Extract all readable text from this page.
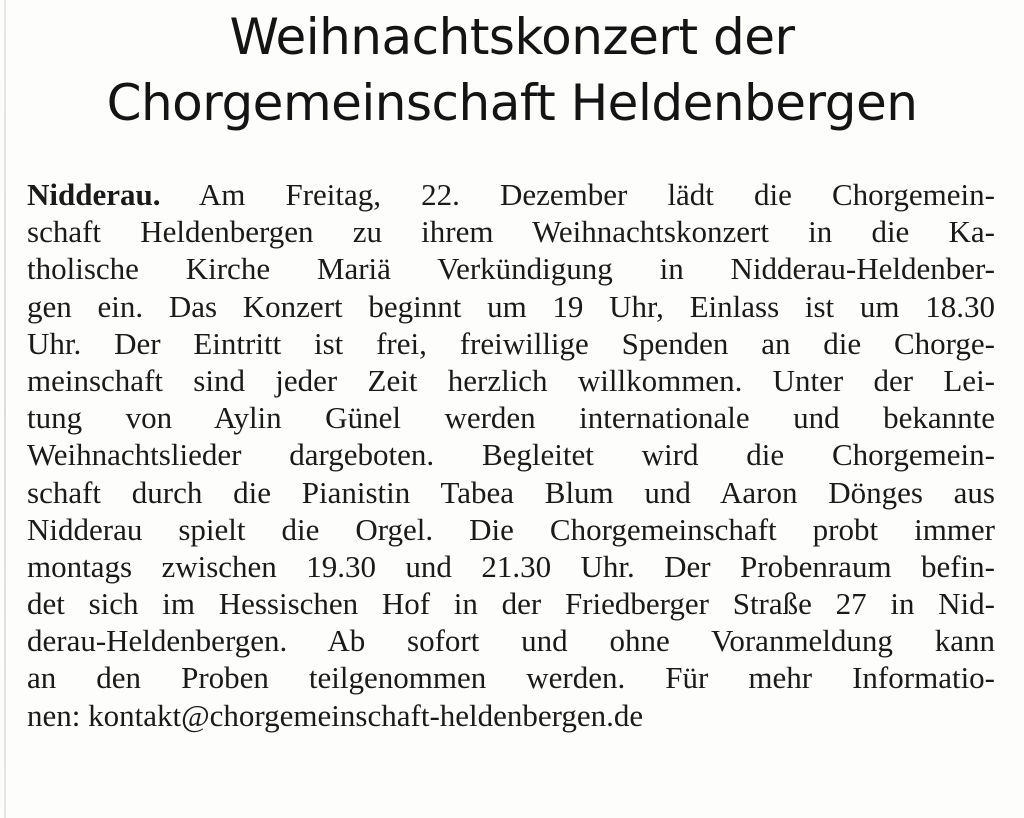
Weihnachtskonzert der
Chorgemeinschaft Heldenbergen
Nidderau. Am Freitag, 22. Dezember lädt die Chorgemein-
schaft Heldenbergen zu ihrem Weihnachtskonzert in die Ka-
tholische Kirche Mariä Verkündigung in Nidderau-Heldenber-
gen ein. Das Konzert beginnt um 19 Uhr, Einlass ist um 18.30
Uhr. Der Eintritt ist frei, freiwillige Spenden an die Chorge-
meinschaft sind jeder Zeit herzlich willkommen. Unter der Lei-
tung von Aylin Günel werden internationale und bekannte
Weihnachtslieder dargeboten. Begleitet wird die Chorgemein-
schaft durch die Pianistin Tabea Blum und Aaron Dönges aus
Nidderau spielt die Orgel. Die Chorgemeinschaft probt immer
montags zwischen 19.30 und 21.30 Uhr. Der Probenraum befin-
det sich im Hessischen Hof in der Friedberger Straße 27 in Nid-
derau-Heldenbergen. Ab sofort und ohne Voranmeldung kann
an den Proben teilgenommen werden. Für mehr Informatio-
nen: kontakt@chorgemeinschaft-heldenbergen.de
